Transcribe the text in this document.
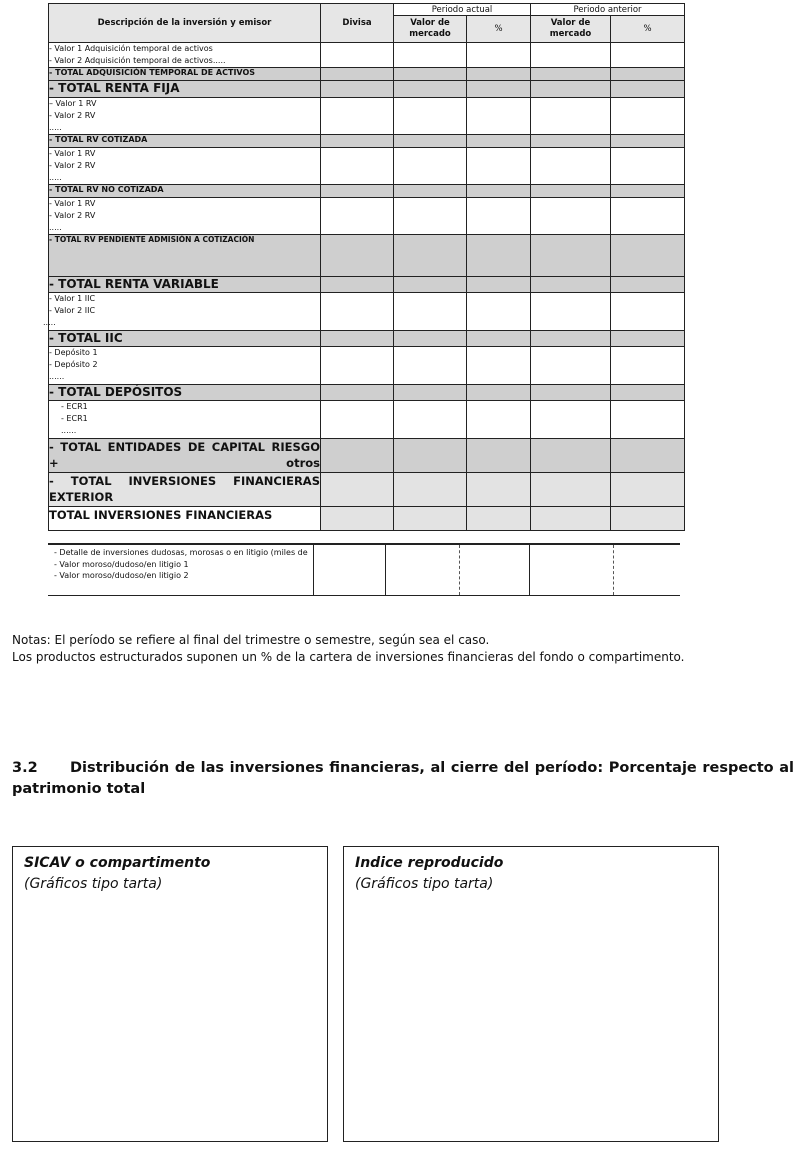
Descripción de la inversión y emisor	Divisa	Periodo actual		Periodo anterior	
		Valor de mercado	%	Valor de mercado	%

- Valor 1 Adquisición temporal de activos
- Valor 2 Adquisición temporal de activos.....					

- TOTAL ADQUISICIÓN TEMPORAL DE ACTIVOS					
- TOTAL RENTA FIJA					

– Valor 1 RV
- Valor 2 RV
.....					

- TOTAL RV COTIZADA					

- Valor 1 RV
- Valor 2 RV
.....					

- TOTAL RV NO COTIZADA					

- Valor 1 RV
- Valor 2 RV
.....					

- TOTAL RV PENDIENTE ADMISIÓN A COTIZACIÓN					
- TOTAL RENTA VARIABLE					

- Valor 1 IIC
- Valor 2 IIC
.....					

- TOTAL IIC					

- Depósito 1
- Depósito 2
......					

- TOTAL DEPÓSITOS					

- ECR1
- ECR1
......					

- TOTAL ENTIDADES DE CAPITAL RIESGO + otros					
- TOTAL INVERSIONES FINANCIERAS EXTERIOR					
TOTAL INVERSIONES FINANCIERAS					
- Detalle de inversiones dudosas, morosas o en litigio (miles de
- Valor moroso/dudoso/en litigio 1
- Valor moroso/dudoso/en litigio 2

Notas: El período se refiere al final del trimestre o semestre, según sea el caso.
Los productos estructurados suponen un % de la cartera de inversiones financieras del fondo o compartimento.
3.2 Distribución de las inversiones financieras, al cierre del período: Porcentaje respecto al patrimonio total
SICAV o compartimento
(Gráficos tipo tarta)
Indice reproducido
(Gráficos tipo tarta)
